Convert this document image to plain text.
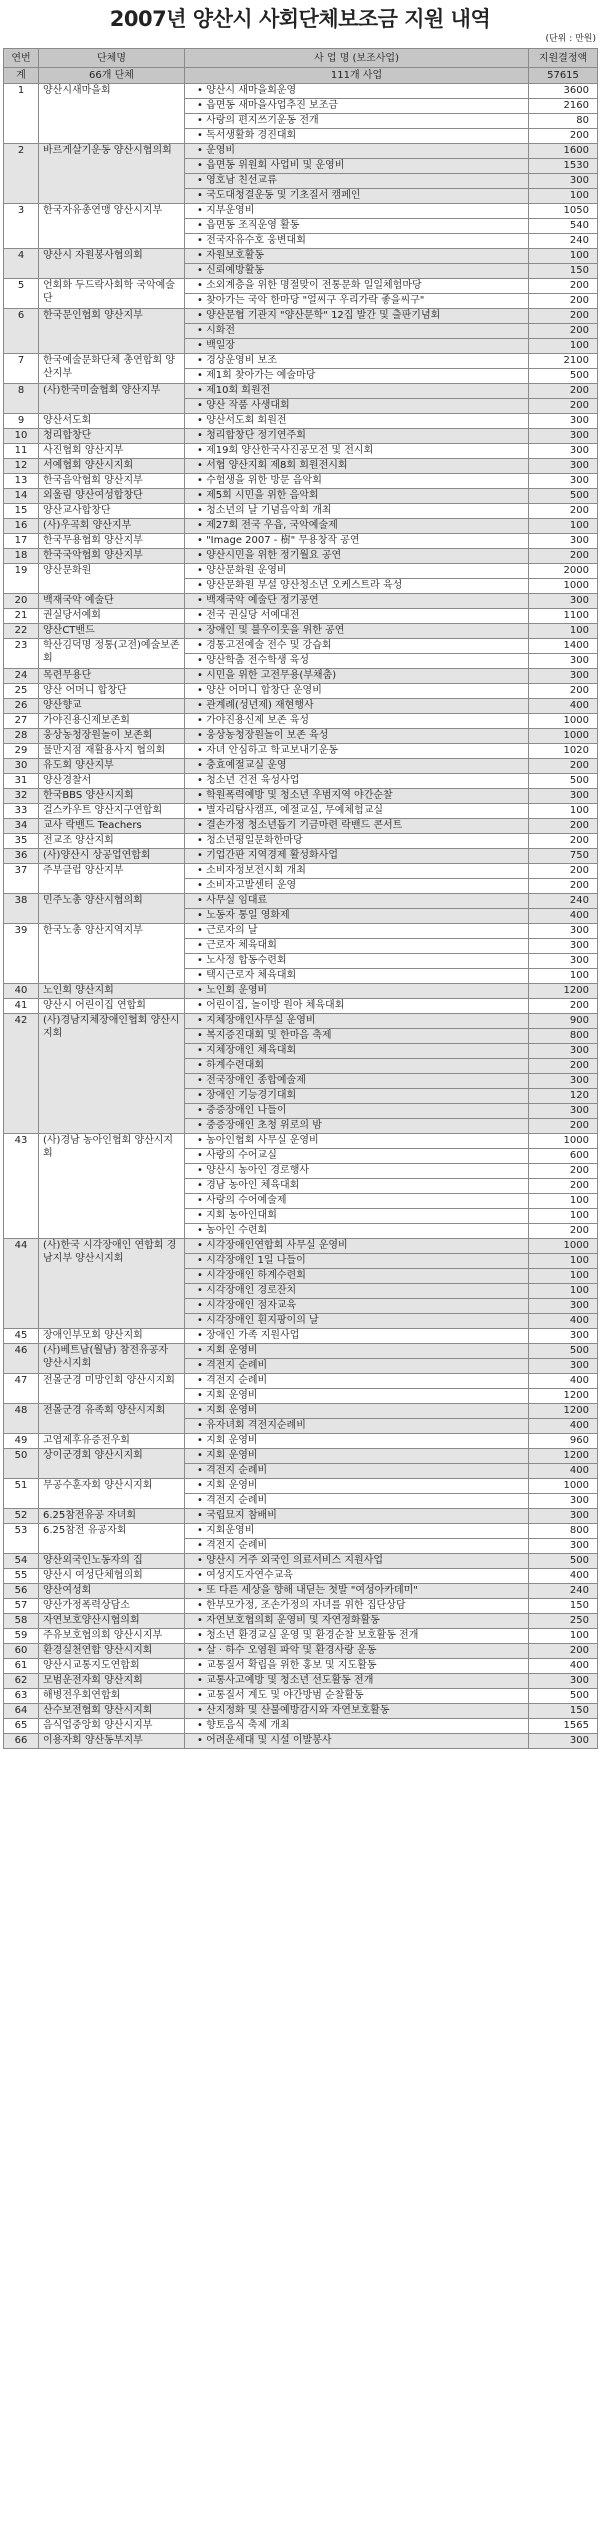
2007년 양산시 사회단체보조금 지원 내역
(단위 : 만원)
연번	단체명	사 업 명 (보조사업)	지원결정액
계	66개 단체	111개 사업	57615
1	양산시새마을회	• 양산시 새마을회운영	3600
		• 읍면동 새마을사업추진 보조금	2160
		• 사랑의 편지쓰기운동 전개	80
		• 독서생활화 경진대회	200
2	바르게살기운동 양산시협의회	• 운영비	1600
		• 읍면동 위원회 사업비 및 운영비	1530
		• 영호남 친선교류	300
		• 국도대청결운동 및 기초질서 캠페인	100
3	한국자유총연맹 양산시지부	• 지부운영비	1050
		• 읍면동 조직운영 활동	540
		• 전국자유수호 웅변대회	240
4	양산시 자원봉사협의회	• 자원보호활동	100
		• 신뢰예방활동	150
5	언회화 두드락사회학 국악예술단	• 소외계층을 위한 명절맞이 전통문화 일일체험마당	200
		• 찾아가는 국악 한마당 "얼씨구 우리가락 좋을씨구"	200
6	한국문인협회 양산지부	• 양산문협 기관지 "양산문학" 12집 발간 및 출판기념회	200
		• 시화전	200
		• 백일장	100
7	한국예술문화단체 총연합회 양산지부	• 경상운영비 보조	2100
		• 제1회 찾아가는 예술마당	500
8	(사)한국미술협회 양산지부	• 제10회 회원전	200
		• 양산 작품 사생대회	200
9	양산서도회	• 양산서도회 회원전	300
10	청리합창단	• 청리합창단 정기연주회	300
11	사진협회 양산지부	• 제19회 양산한국사진공모전 및 전시회	300
12	서예협회 양산시지회	• 서협 양산지회 제8회 회원전시회	300
13	한국음악협회 양산지부	• 수험생을 위한 방문 음악회	300
14	외울림 양산여성합창단	• 제5회 시민을 위한 음악회	500
15	양산교사합창단	• 청소년의 날 기념음악회 개최	200
16	(사)우곡회 양산지부	• 제27회 전국 우읍, 국악예술제	100
17	한국무용협회 양산지부	• "Image 2007 - 樹" 무용창작 공연	300
18	한국국악협회 양산지부	• 양산시민을 위한 정기월요 공연	200
19	양산문화원	• 양산문화원 운영비	2000
		• 양산문화원 부설 양산청소년 오케스트라 육성	1000
20	백재국악 예술단	• 백재국악 예술단 정기공연	300
21	권실당서예회	• 전국 권실당 서예대전	1100
22	양산CT밴드	• 장애인 및 불우이웃을 위한 공연	100
23	학산김덕명 정통(고전)예술보존회	• 경통고전예술 전수 및 강습회	1400
		• 양산학춤 전수학생 육성	300
24	목련무용단	• 시민을 위한 고전무용(부채춤)	300
25	양산 어머니 합창단	• 양산 어머니 합창단 운영비	200
26	양산향교	• 관계례(성년제) 재현행사	400
27	가야진용신제보존회	• 가야진용신제 보존 육성	1000
28	웅상농청장원놀이 보존회	• 웅상농청장원놀이 보존 육성	1000
29	물만지점 재활용사지 협의회	• 자녀 안심하고 학교보내기운동	1020
30	유도회 양산지부	• 충효예절교실 운영	200
31	양산경찰서	• 청소년 건전 육성사업	500
32	한국BBS 양산시지회	• 학원폭력예방 및 청소년 우범지역 야간순찰	300
33	걸스카우트 양산지구연합회	• 별자리탐사캠프, 예절교실, 무예체험교실	100
34	교사 락밴드 Teachers	• 결손가정 청소년돕기 기금마련 락밴드 콘서트	200
35	전교조 양산지회	• 청소년평일문화한마당	200
36	(사)양산시 상공업연합회	• 기업간판 지역경제 활성화사업	750
37	주부클럽 양산지부	• 소비자정보전시회 개최	200
		• 소비자고발센터 운영	200
38	민주노총 양산시협의회	• 사무실 임대료	240
		• 노동자 통일 영화제	400
39	한국노총 양산지역지부	• 근로자의 날	300
		• 근로자 체육대회	300
		• 노사정 합동수련회	300
		• 택시근로자 체육대회	100
40	노인회 양산지회	• 노인회 운영비	1200
41	양산시 어린이집 연합회	• 어린이집, 놀이방 원아 체육대회	200
42	(사)경남지체장애인협회 양산시지회	• 지체장애인사무실 운영비	900
		• 복지증진대회 및 한마음 축제	800
		• 지체장애인 체육대회	300
		• 하계수련대회	200
		• 전국장애인 종합예술제	300
		• 장애인 기능경기대회	120
		• 중증장애인 나들이	300
		• 중증장애인 초청 위로의 밤	200
43	(사)경남 농아인협회 양산시지회	• 농아인협회 사무실 운영비	1000
		• 사랑의 수어교실	600
		• 양산시 농아인 경로행사	200
		• 경남 농아인 체육대회	200
		• 사랑의 수어예술제	100
		• 지회 농아인대회	100
		• 농아인 수련회	200
44	(사)한국 시각장애인 연합회 경남지부 양산시지회	• 시각장애인연합회 사무실 운영비	1000
		• 시각장애인 1일 나들이	100
		• 시각장애인 하계수련회	100
		• 시각장애인 경로잔치	100
		• 시각장애인 점자교육	300
		• 시각장애인 흰지팡이의 날	400
45	장애인부모회 양산지회	• 장애인 가족 지원사업	300
46	(사)베트남(월남) 참전유공자 양산시지회	• 지회 운영비	500
		• 격전지 순례비	300
47	전몰군경 미망인회 양산시지회	• 격전지 순례비	400
		• 지회 운영비	1200
48	전몰군경 유족회 양산시지회	• 지회 운영비	1200
		• 유자녀회 격전지순례비	400
49	고엽제후유증전우회	• 지회 운영비	960
50	상이군경회 양산시지회	• 지회 운영비	1200
		• 격전지 순례비	400
51	무공수훈자회 양산시지회	• 지회 운영비	1000
		• 격전지 순례비	300
52	6.25참전유공 자녀회	• 국립묘지 참배비	300
53	6.25참전 유공자회	• 지회운영비	800
		• 격전지 순례비	300
54	양산외국인노동자의 집	• 양산시 거주 외국인 의료서비스 지원사업	500
55	양산시 여성단체협의회	• 여성지도자연수교육	400
56	양산여성회	• 또 다른 세상을 향해 내딛는 첫발 "여성아카데미"	240
57	양산가정폭력상담소	• 한부모가정, 조손가정의 자녀를 위한 집단상담	150
58	자연보호양산시협의회	• 자연보호협의회 운영비 및 자연정화활동	250
59	주유보호협의회 양산시지부	• 청소년 환경교실 운영 및 환경순찰 보호활동 전개	100
60	환경실천연합 양산시지회	• 살 · 하수 오염원 파악 및 환경사랑 운동	200
61	양산시교통지도연합회	• 교통질서 확립을 위한 홍보 및 지도활동	400
62	모범운전자회 양산지회	• 교통사고예방 및 청소년 선도활동 전개	300
63	해병전우회연합회	• 교통질서 계도 및 야간방범 순찰활동	500
64	산수보전협회 양산시지회	• 산지정화 및 산불예방감시와 자연보호활동	150
65	음식업중앙회 양산시지부	• 향토음식 축제 개최	1565
66	이용자회 양산동부지부	• 어려운세대 및 시설 이발봉사	300
